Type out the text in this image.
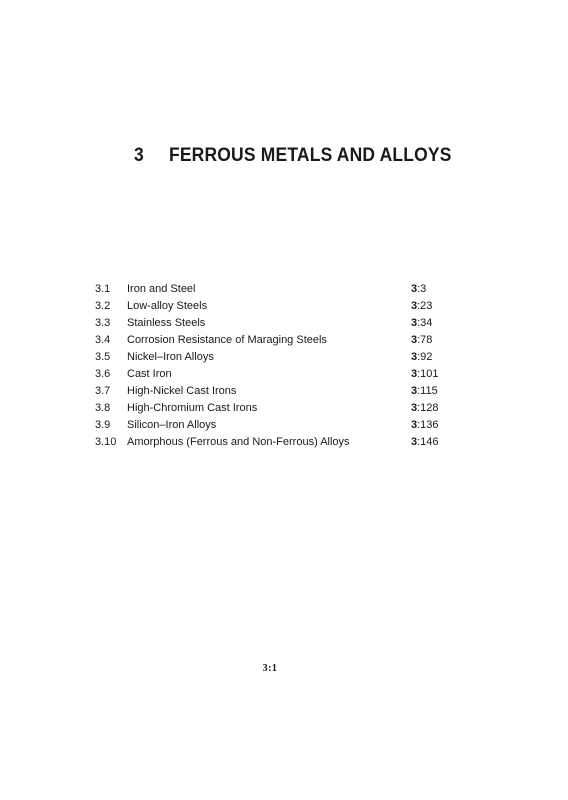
3 FERROUS METALS AND ALLOYS
3.1 Iron and Steel	3:3
3.2 Low-alloy Steels	3:23
3.3 Stainless Steels	3:34
3.4 Corrosion Resistance of Maraging Steels	3:78
3.5 Nickel–Iron Alloys	3:92
3.6 Cast Iron	3:101
3.7 High-Nickel Cast Irons	3:115
3.8 High-Chromium Cast Irons	3:128
3.9 Silicon–Iron Alloys	3:136
3.10 Amorphous (Ferrous and Non-Ferrous) Alloys	3:146
3:1
